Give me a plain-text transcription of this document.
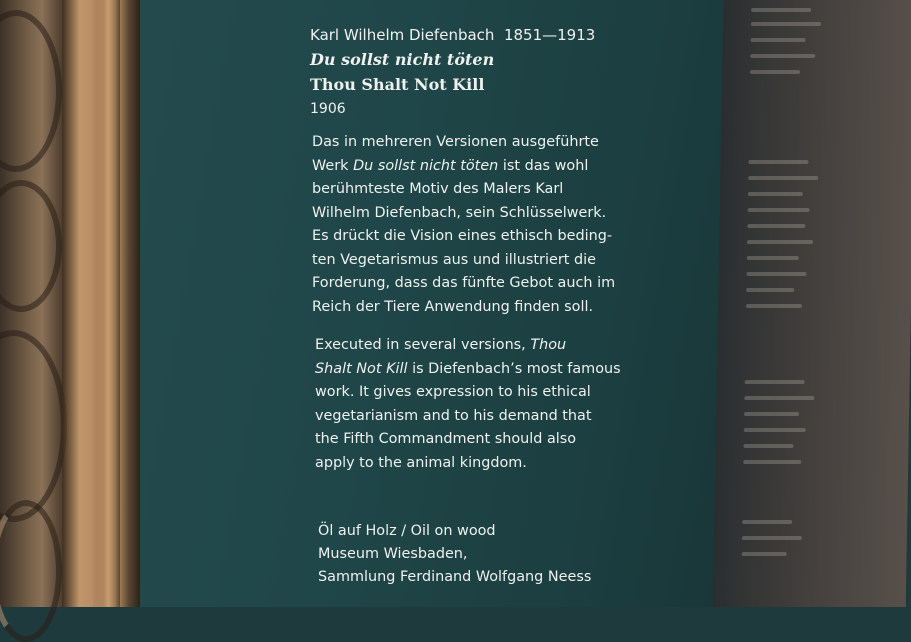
Karl Wilhelm Diefenbach 1851—1913
Du sollst nicht töten
Thou Shalt Not Kill
1906
Das in mehreren Versionen ausgeführte
Werk Du sollst nicht töten ist das wohl
berühmteste Motiv des Malers Karl
Wilhelm Diefenbach, sein Schlüsselwerk.
Es drückt die Vision eines ethisch beding-
ten Vegetarismus aus und illustriert die
Forderung, dass das fünfte Gebot auch im
Reich der Tiere Anwendung finden soll.
Executed in several versions, Thou
Shalt Not Kill is Diefenbach’s most famous
work. It gives expression to his ethical
vegetarianism and to his demand that
the Fifth Commandment should also
apply to the animal kingdom.
Öl auf Holz / Oil on wood
Museum Wiesbaden,
Sammlung Ferdinand Wolfgang Neess
